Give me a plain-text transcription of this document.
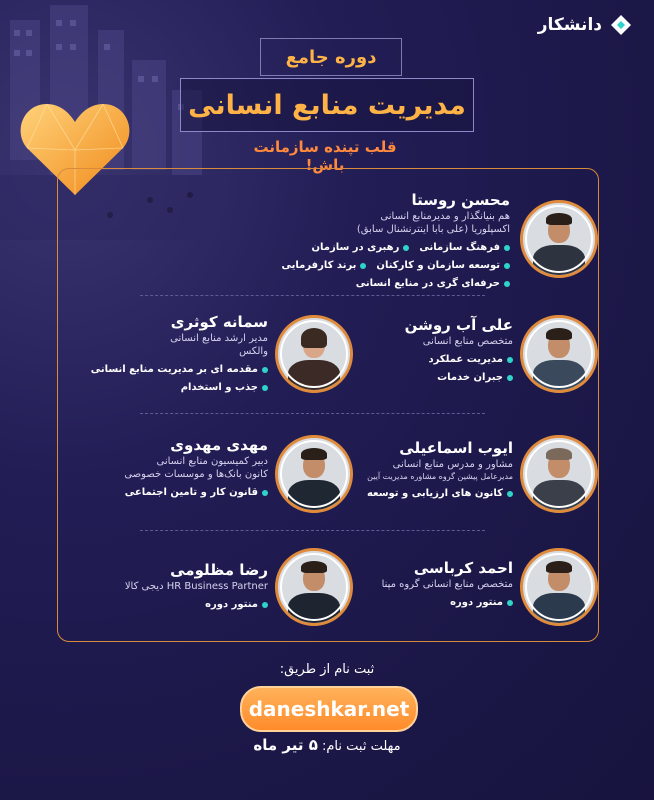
دانشکار
دوره جامع
مدیریت منابع انسانی
قلب تپنده سازمانت باش!
محسن روستا
هم بنیانگذار و مدیرمنابع انسانی
اکسپلوریا (علی بابا اینترنشنال سابق)
فرهنگ سازمانی
رهبری در سازمان
توسعه سازمان و کارکنان
برند کارفرمایی
حرفه‌ای گری در منابع انسانی
سمانه کوثری
مدیر ارشد منابع انسانی
والکس
مقدمه ای بر مدیریت منابع انسانی
جذب و استخدام
علی آب روشن
متخصص منابع انسانی
مدیریت عملکرد
جبران خدمات
مهدی مهدوی
دبیر کمیسیون منابع انسانی
کانون بانک‌ها و موسسات خصوصی
قانون کار و تامین اجتماعی
ایوب اسماعیلی
مشاور و مدرس منابع انسانی
مدیرعامل پیشین گروه مشاوره مدیریت آیین
کانون های ارزیابی و توسعه
رضا مظلومی
HR Business Partner دیجی کالا
منتور دوره
احمد کرباسی
متخصص منابع انسانی گروه مپنا
منتور دوره
ثبت نام از طریق:
daneshkar.net
مهلت ثبت نام: ۵ تیر ماه
